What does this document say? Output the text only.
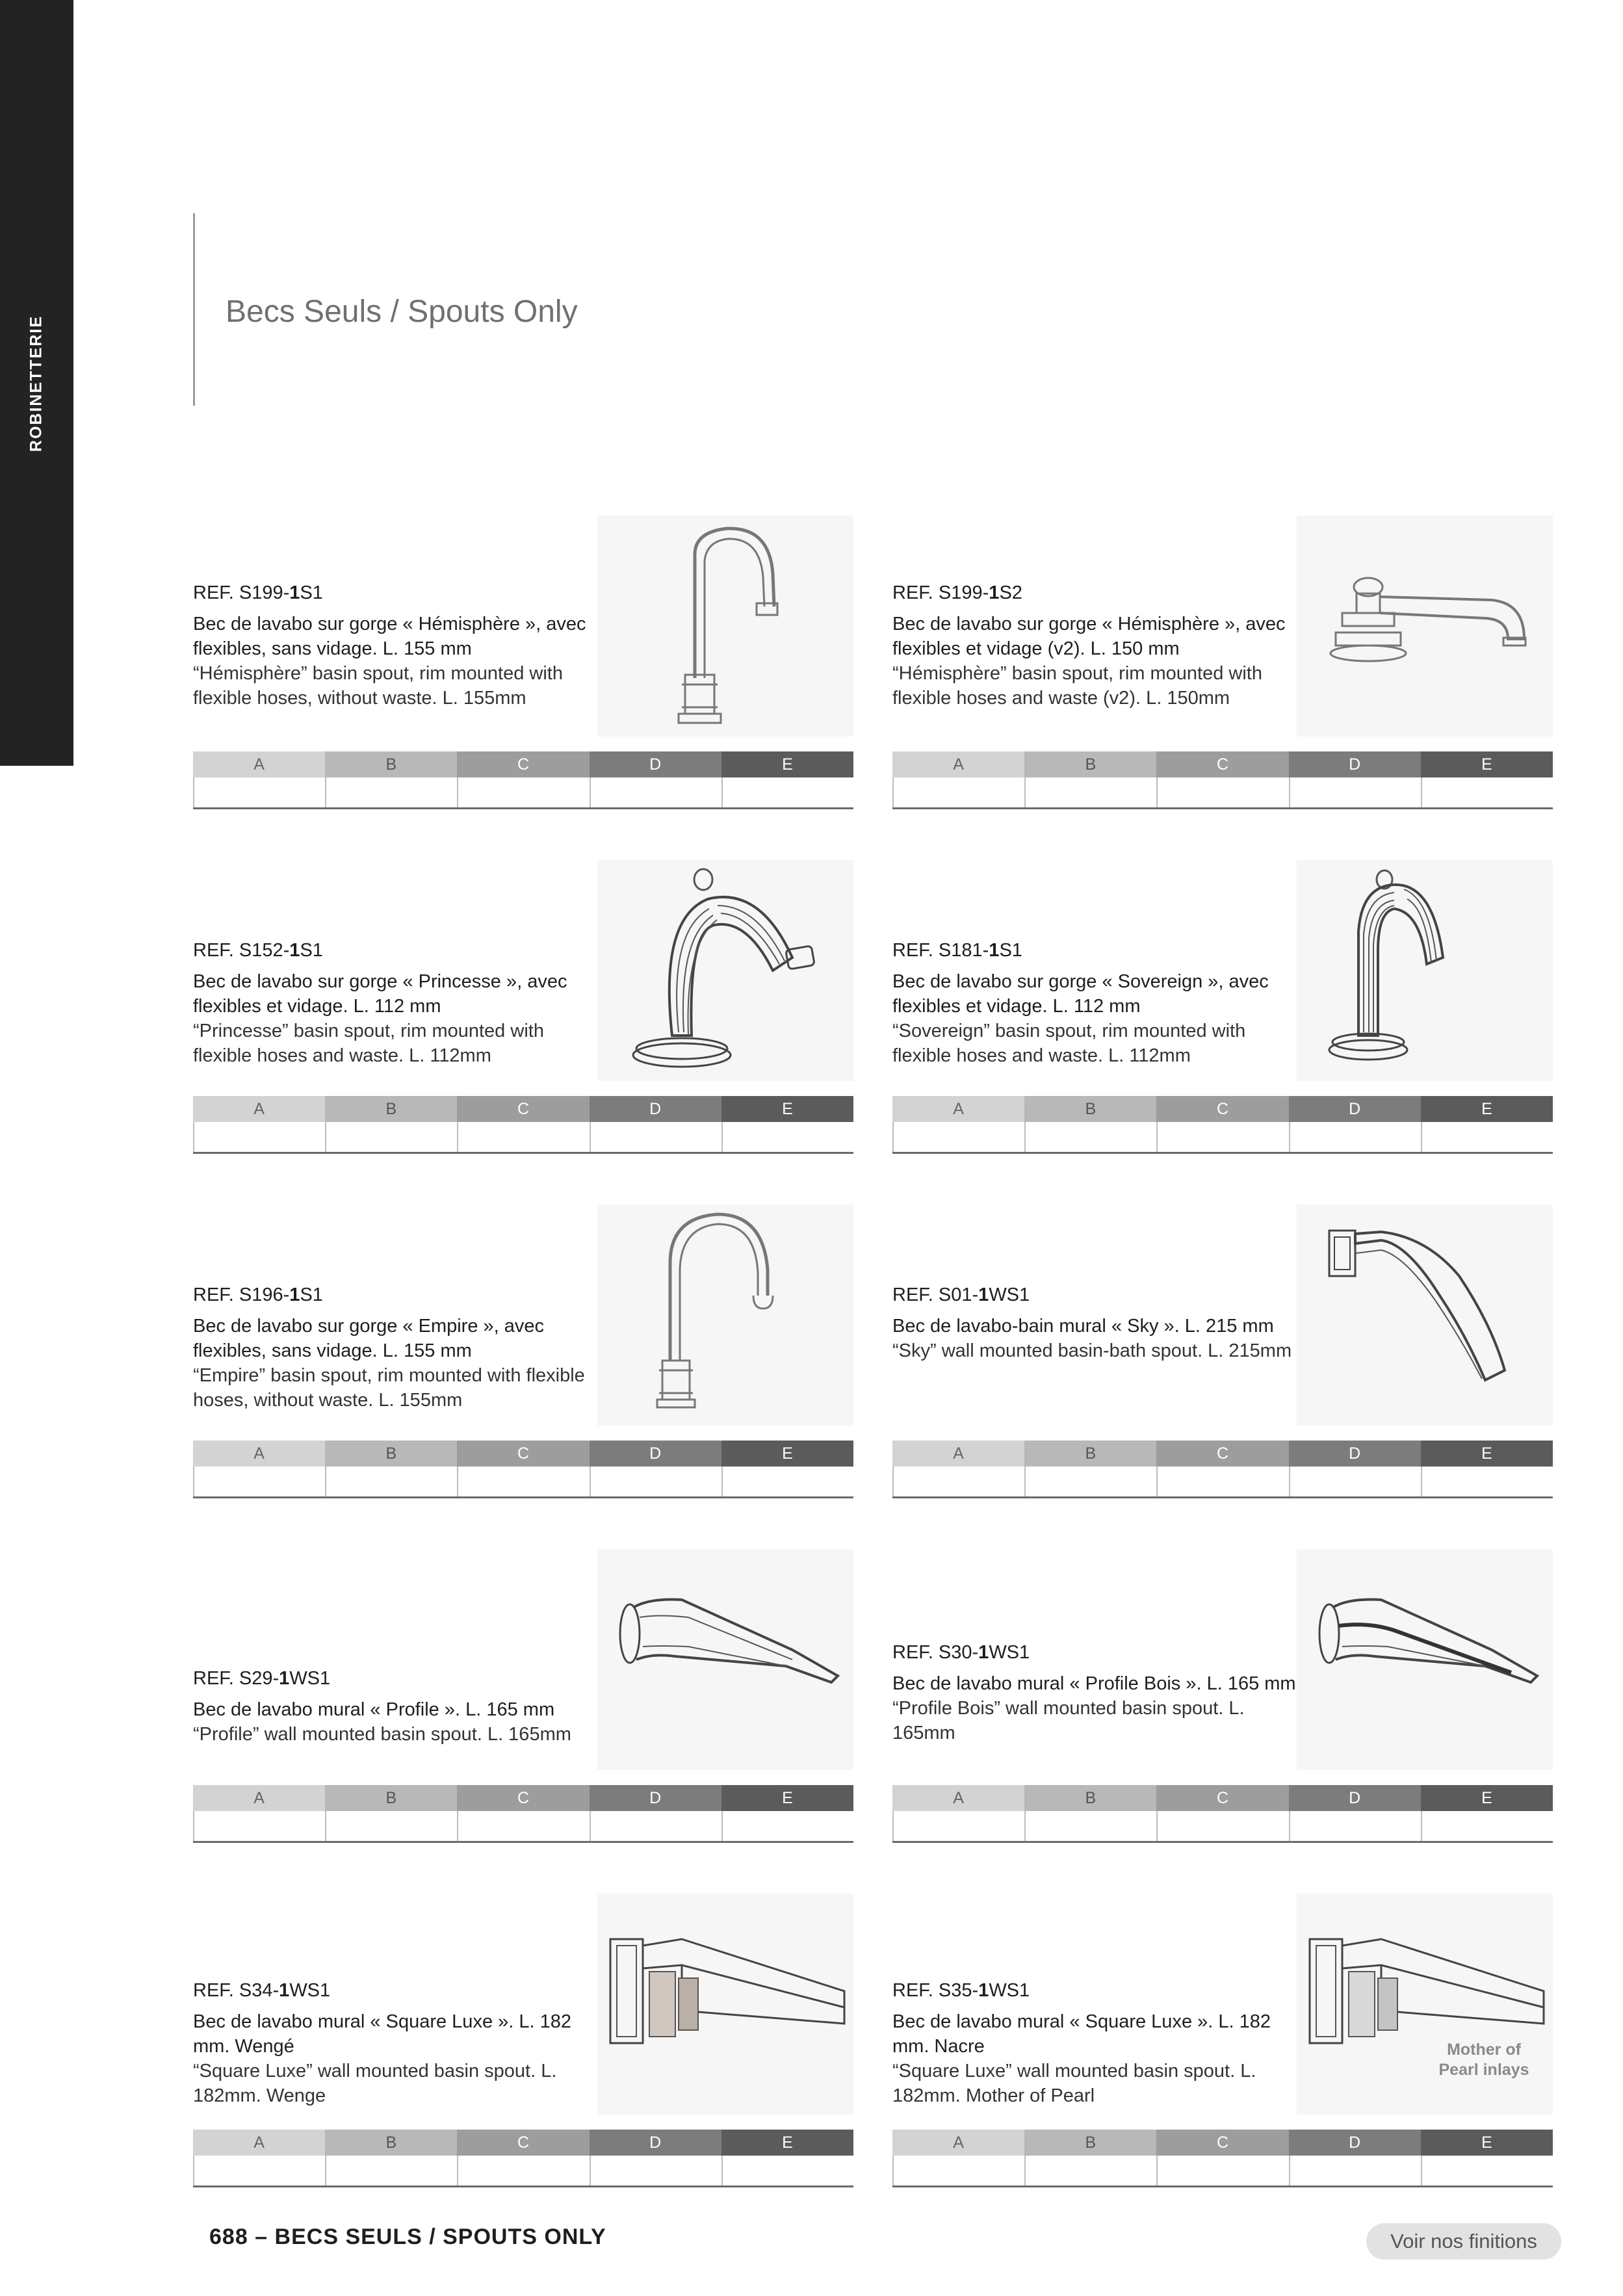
ROBINETTERIE
Becs Seuls / Spouts Only

REF. S199-1S1

Bec de lavabo sur gorge « Hémisphère », avec flexibles, sans vidage. L. 155 mm

“Hémisphère” basin spout, rim mounted with flexible hoses, without waste. L. 155mm

A	B	C	D	E

REF. S199-1S2

Bec de lavabo sur gorge « Hémisphère », avec flexibles et vidage (v2). L. 150 mm

“Hémisphère” basin spout, rim mounted with flexible hoses and waste (v2). L. 150mm

A	B	C	D	E

REF. S152-1S1

Bec de lavabo sur gorge « Princesse », avec flexibles et vidage. L. 112 mm

“Princesse” basin spout, rim mounted with flexible hoses and waste. L. 112mm

A	B	C	D	E

REF. S181-1S1

Bec de lavabo sur gorge « Sovereign », avec flexibles et vidage. L. 112 mm

“Sovereign” basin spout, rim mounted with flexible hoses and waste. L. 112mm

A	B	C	D	E

REF. S196-1S1

Bec de lavabo sur gorge « Empire », avec flexibles, sans vidage. L. 155 mm

“Empire” basin spout, rim mounted with flexible hoses, without waste. L. 155mm

A	B	C	D	E

REF. S01-1WS1

Bec de lavabo-bain mural « Sky ». L. 215 mm

“Sky” wall mounted basin-bath spout. L. 215mm

A	B	C	D	E

REF. S29-1WS1

Bec de lavabo mural « Profile ». L. 165 mm

“Profile” wall mounted basin spout. L. 165mm

A	B	C	D	E

REF. S30-1WS1

Bec de lavabo mural « Profile Bois ». L. 165 mm

“Profile Bois” wall mounted basin spout. L. 165mm

A	B	C	D	E

REF. S34-1WS1

Bec de lavabo mural « Square Luxe ». L. 182 mm. Wengé

“Square Luxe” wall mounted basin spout. L. 182mm. Wenge

A	B	C	D	E
Mother of
Pearl inlays

REF. S35-1WS1

Bec de lavabo mural « Square Luxe ». L. 182 mm. Nacre

“Square Luxe” wall mounted basin spout. L. 182mm. Mother of Pearl

A	B	C	D	E
688 – BECS SEULS / SPOUTS ONLY	Voir nos finitions
